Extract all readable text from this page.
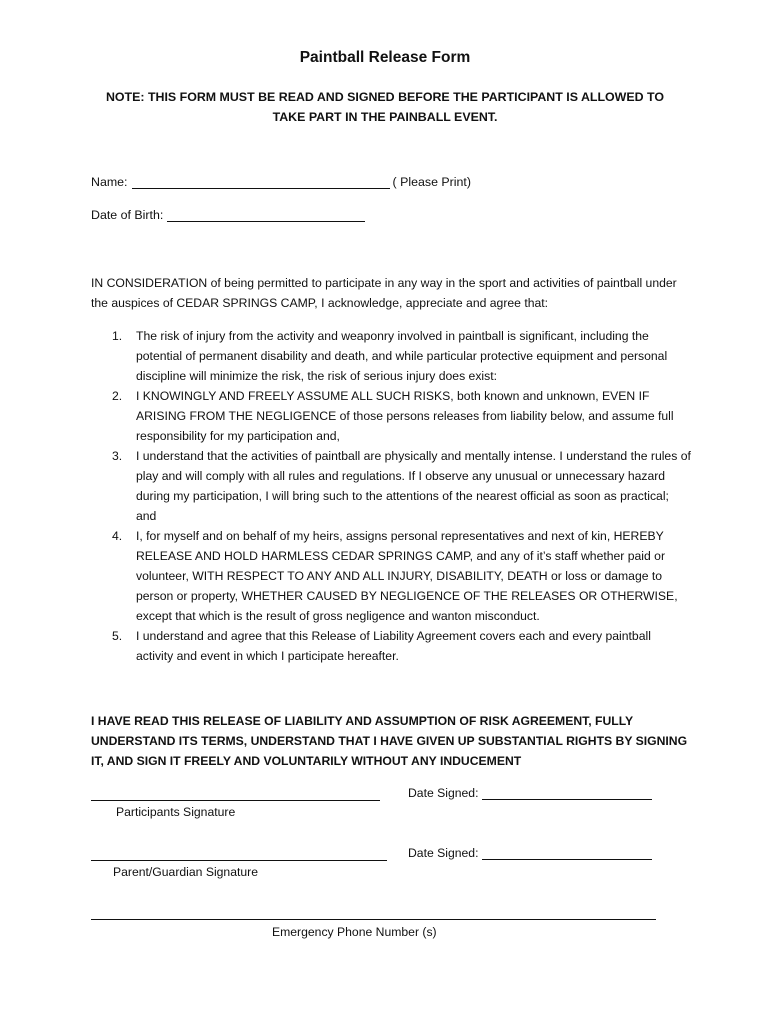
Paintball Release Form
NOTE: THIS FORM MUST BE READ AND SIGNED BEFORE THE PARTICIPANT IS ALLOWED TO TAKE PART IN THE PAINBALL EVENT.
Name:	( Please Print)
Date of Birth:
IN CONSIDERATION of being permitted to participate in any way in the sport and activities of paintball under the auspices of CEDAR SPRINGS CAMP, I acknowledge, appreciate and agree that:
1. The risk of injury from the activity and weaponry involved in paintball is significant, including the potential of permanent disability and death, and while particular protective equipment and personal discipline will minimize the risk, the risk of serious injury does exist:
2. I KNOWINGLY AND FREELY ASSUME ALL SUCH RISKS, both known and unknown, EVEN IF ARISING FROM THE NEGLIGENCE of those persons releases from liability below, and assume full responsibility for my participation and,
3. I understand that the activities of paintball are physically and mentally intense. I understand the rules of play and will comply with all rules and regulations. If I observe any unusual or unnecessary hazard during my participation, I will bring such to the attentions of the nearest official as soon as practical; and
4. I, for myself and on behalf of my heirs, assigns personal representatives and next of kin, HEREBY RELEASE AND HOLD HARMLESS CEDAR SPRINGS CAMP, and any of it’s staff whether paid or volunteer, WITH RESPECT TO ANY AND ALL INJURY, DISABILITY, DEATH or loss or damage to person or property, WHETHER CAUSED BY NEGLIGENCE OF THE RELEASES OR OTHERWISE, except that which is the result of gross negligence and wanton misconduct.
5. I understand and agree that this Release of Liability Agreement covers each and every paintball activity and event in which I participate hereafter.
I HAVE READ THIS RELEASE OF LIABILITY AND ASSUMPTION OF RISK AGREEMENT, FULLY UNDERSTAND ITS TERMS, UNDERSTAND THAT I HAVE GIVEN UP SUBSTANTIAL RIGHTS BY SIGNING IT, AND SIGN IT FREELY AND VOLUNTARILY WITHOUT ANY INDUCEMENT
Participants Signature
Date Signed:
Parent/Guardian Signature
Date Signed:
Emergency Phone Number (s)
